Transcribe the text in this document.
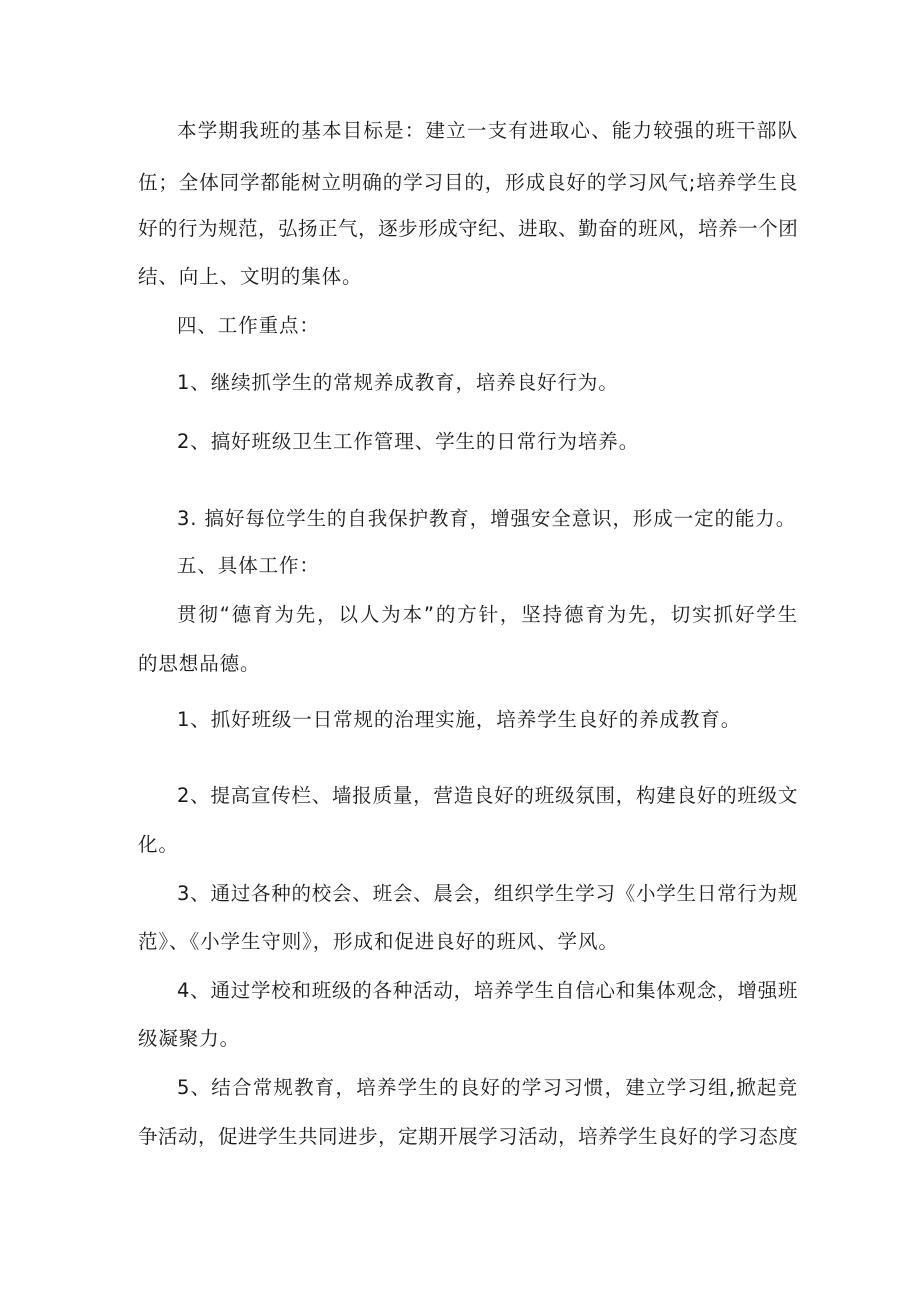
本学期我班的基本目标是：建立一支有进取心、能力较强的班干部队
伍；全体同学都能树立明确的学习目的，形成良好的学习风气;培养学生良
好的行为规范，弘扬正气，逐步形成守纪、进取、勤奋的班风，培养一个团
结、向上、文明的集体。
四、工作重点：
1、继续抓学生的常规养成教育，培养良好行为。
2、搞好班级卫生工作管理、学生的日常行为培养。
3. 搞好每位学生的自我保护教育，增强安全意识，形成一定的能力。
五、具体工作：
贯彻“德育为先，以人为本”的方针，坚持德育为先，切实抓好学生
的思想品德。
1、抓好班级一日常规的治理实施，培养学生良好的养成教育。
2、提高宣传栏、墙报质量，营造良好的班级氛围，构建良好的班级文
化。
3、通过各种的校会、班会、晨会，组织学生学习《小学生日常行为规
范》、《小学生守则》，形成和促进良好的班风、学风。
4、通过学校和班级的各种活动，培养学生自信心和集体观念，增强班
级凝聚力。
5、结合常规教育，培养学生的良好的学习习惯，建立学习组,掀起竞
争活动，促进学生共同进步，定期开展学习活动，培养学生良好的学习态度
